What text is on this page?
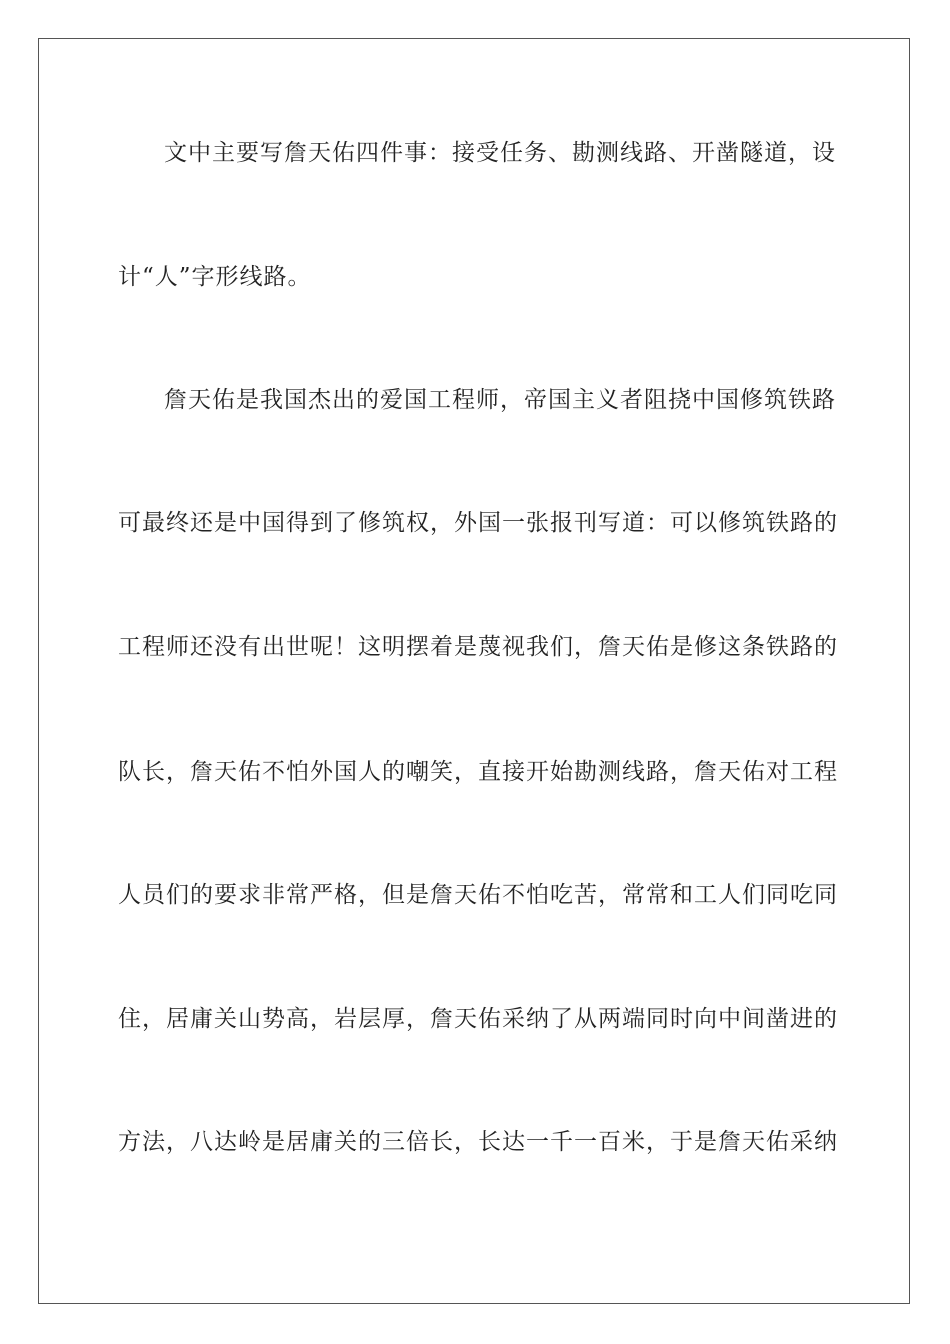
文中主要写詹天佑四件事：接受任务、勘测线路、开凿隧道，设
计“人”字形线路。
詹天佑是我国杰出的爱国工程师，帝国主义者阻挠中国修筑铁路
可最终还是中国得到了修筑权，外国一张报刊写道：可以修筑铁路的
工程师还没有出世呢！这明摆着是蔑视我们，詹天佑是修这条铁路的
队长，詹天佑不怕外国人的嘲笑，直接开始勘测线路，詹天佑对工程
人员们的要求非常严格，但是詹天佑不怕吃苦，常常和工人们同吃同
住，居庸关山势高，岩层厚，詹天佑采纳了从两端同时向中间凿进的
方法，八达岭是居庸关的三倍长，长达一千一百米，于是詹天佑采纳
